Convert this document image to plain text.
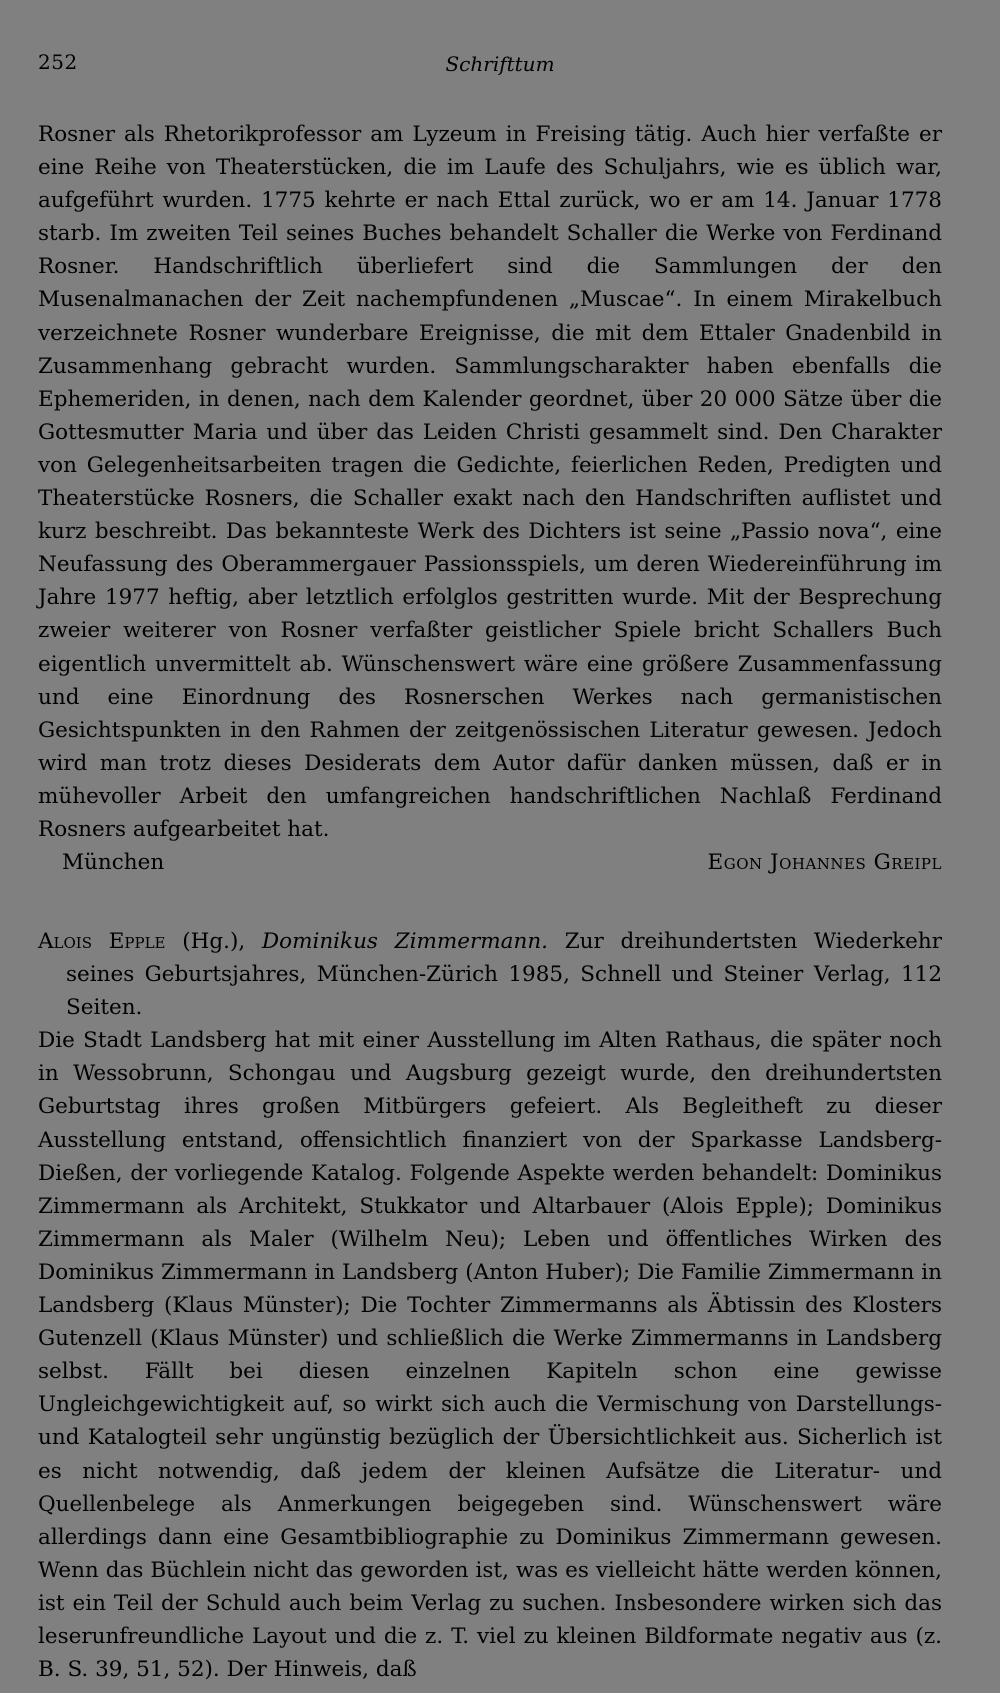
252	Schrifttum

Rosner als Rhetorikprofessor am Lyzeum in Freising tätig. Auch hier verfaßte er eine Reihe von Theaterstücken, die im Laufe des Schuljahrs, wie es üblich war, aufgeführt wurden. 1775 kehrte er nach Ettal zurück, wo er am 14. Januar 1778 starb. Im zweiten Teil seines Buches behandelt Schaller die Werke von Ferdinand Rosner. Handschriftlich überliefert sind die Sammlungen der den Musenalmanachen der Zeit nachempfundenen „Muscae“. In einem Mirakelbuch verzeichnete Rosner wunderbare Ereignisse, die mit dem Ettaler Gnadenbild in Zusammenhang gebracht wurden. Sammlungscharakter haben ebenfalls die Ephemeriden, in denen, nach dem Kalender geordnet, über 20 000 Sätze über die Gottesmutter Maria und über das Leiden Christi gesammelt sind. Den Charakter von Gelegenheitsarbeiten tragen die Gedichte, feierlichen Reden, Predigten und Theaterstücke Rosners, die Schaller exakt nach den Handschriften auflistet und kurz beschreibt. Das bekannteste Werk des Dichters ist seine „Passio nova“, eine Neufassung des Oberammergauer Passionsspiels, um deren Wiedereinführung im Jahre 1977 heftig, aber letztlich erfolglos gestritten wurde. Mit der Besprechung zweier weiterer von Rosner verfaßter geistlicher Spiele bricht Schallers Buch eigentlich unvermittelt ab. Wünschenswert wäre eine größere Zusammenfassung und eine Einordnung des Rosnerschen Werkes nach germanistischen Gesichtspunkten in den Rahmen der zeitgenössischen Literatur gewesen. Jedoch wird man trotz dieses Desiderats dem Autor dafür danken müssen, daß er in mühevoller Arbeit den umfangreichen handschriftlichen Nachlaß Ferdinand Rosners aufgearbeitet hat.

München	Egon Johannes Greipl

Alois Epple (Hg.), Dominikus Zimmermann. Zur dreihundertsten Wiederkehr seines Geburtsjahres, München-Zürich 1985, Schnell und Steiner Verlag, 112 Seiten.

Die Stadt Landsberg hat mit einer Ausstellung im Alten Rathaus, die später noch in Wessobrunn, Schongau und Augsburg gezeigt wurde, den dreihundertsten Geburtstag ihres großen Mitbürgers gefeiert. Als Begleitheft zu dieser Ausstellung entstand, offensichtlich finanziert von der Sparkasse Landsberg-Dießen, der vorliegende Katalog. Folgende Aspekte werden behandelt: Dominikus Zimmermann als Architekt, Stukkator und Altarbauer (Alois Epple); Dominikus Zimmermann als Maler (Wilhelm Neu); Leben und öffentliches Wirken des Dominikus Zimmermann in Landsberg (Anton Huber); Die Familie Zimmermann in Landsberg (Klaus Münster); Die Tochter Zimmermanns als Äbtissin des Klosters Gutenzell (Klaus Münster) und schließlich die Werke Zimmermanns in Landsberg selbst. Fällt bei diesen einzelnen Kapiteln schon eine gewisse Ungleichgewichtigkeit auf, so wirkt sich auch die Vermischung von Darstellungs- und Katalogteil sehr ungünstig bezüglich der Übersichtlichkeit aus. Sicherlich ist es nicht notwendig, daß jedem der kleinen Aufsätze die Literatur- und Quellenbelege als Anmerkungen beigegeben sind. Wünschenswert wäre allerdings dann eine Gesamtbibliographie zu Dominikus Zimmermann gewesen. Wenn das Büchlein nicht das geworden ist, was es vielleicht hätte werden können, ist ein Teil der Schuld auch beim Verlag zu suchen. Insbesondere wirken sich das leserunfreundliche Layout und die z. T. viel zu kleinen Bildformate negativ aus (z. B. S. 39, 51, 52). Der Hinweis, daß
